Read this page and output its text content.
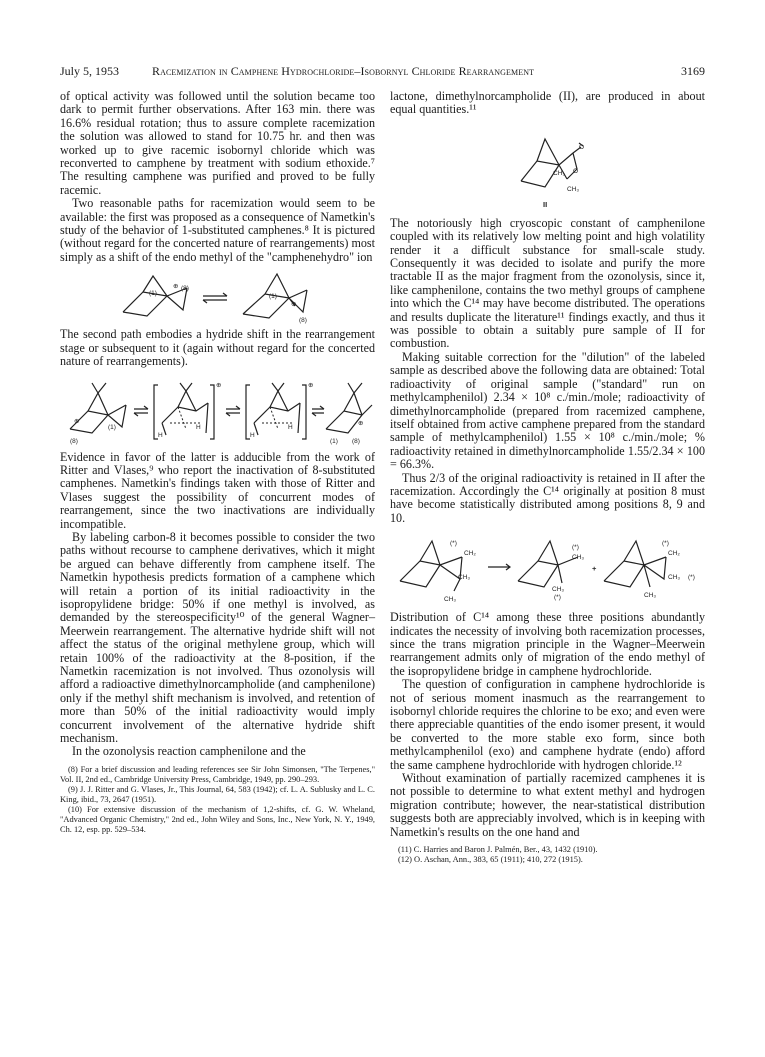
July 5, 1953	Racemization in Camphene Hydrochloride–Isobornyl Chloride Rearrangement	3169

of optical activity was followed until the solution became too dark to permit further observations. After 163 min. there was 16.6% residual rotation; thus to assure complete racemization the solution was allowed to stand for 10.75 hr. and then was worked up to give racemic isobornyl chloride which was reconverted to camphene by treatment with sodium ethoxide.⁷ The resulting camphene was purified and proved to be fully racemic.

Two reasonable paths for racemization would seem to be available: the first was proposed as a consequence of Nametkin's study of the behavior of 1-substituted camphenes.⁸ It is pictured (without regard for the concerted nature of rearrangements) most simply as a shift of the endo methyl of the "camphenehydro" ion

(1)
⊕ (8)
(1)
⊕
(8)

The second path embodies a hydride shift in the rearrangement stage or subsequent to it (again without regard for the concerted nature of rearrangements).

⊕
(1)
(8)
H
H
⊕
H
H
⊕
⊕
(1) (8)

Evidence in favor of the latter is adducible from the work of Ritter and Vlases,⁹ who report the inactivation of 8-substituted camphenes. Nametkin's findings taken with those of Ritter and Vlases suggest the possibility of concurrent modes of rearrangement, since the two inactivations are individually incompatible.

By labeling carbon-8 it becomes possible to consider the two paths without recourse to camphene derivatives, which it might be argued can behave differently from camphene itself. The Nametkin hypothesis predicts formation of a camphene which will retain a portion of its initial radioactivity in the isopropylidene bridge: 50% if one methyl is involved, as demanded by the stereospecificity¹⁰ of the general Wagner–Meerwein rearrangement. The alternative hydride shift will not affect the status of the original methylene group, which will retain 100% of the radioactivity at the 8-position, if the Nametkin racemization is not involved. Thus ozonolysis will afford a radioactive dimethylnorcampholide (and camphenilone) only if the methyl shift mechanism is involved, and retention of more than 50% of the initial radioactivity would imply concurrent involvement of the alternative hydride shift mechanism.

In the ozonolysis reaction camphenilone and the

(8) For a brief discussion and leading references see Sir John Simonsen, "The Terpenes," Vol. II, 2nd ed., Cambridge University Press, Cambridge, 1949, pp. 290–293.

(9) J. J. Ritter and G. Vlases, Jr., This Journal, 64, 583 (1942); cf. L. A. Sublusky and L. C. King, ibid., 73, 2647 (1951).

(10) For extensive discussion of the mechanism of 1,2-shifts, cf. G. W. Wheland, "Advanced Organic Chemistry," 2nd ed., John Wiley and Sons, Inc., New York, N. Y., 1949, Ch. 12, esp. pp. 529–534.

lactone, dimethylnorcampholide (II), are produced in about equal quantities.¹¹

O
O
CH₃
CH₃
II

The notoriously high cryoscopic constant of camphenilone coupled with its relatively low melting point and high volatility render it a difficult substance for small-scale study. Consequently it was decided to isolate and purify the more tractable II as the major fragment from the ozonolysis, since it, like camphenilone, contains the two methyl groups of camphene into which the C¹⁴ may have become distributed. The operations and results duplicate the literature¹¹ findings exactly, and thus it was possible to obtain a suitably pure sample of II for combustion.

Making suitable correction for the "dilution" of the labeled sample as described above the following data are obtained: Total radioactivity of original sample ("standard" run on methylcamphenilol) 2.34 × 10⁸ c./min./mole; radioactivity of dimethylnorcampholide (prepared from racemized camphene, itself obtained from active camphene prepared from the standard sample of methylcamphenilol) 1.55 × 10⁸ c./min./mole; % radioactivity retained in dimethylnorcampholide 1.55/2.34 × 100 = 66.3%.

Thus 2/3 of the original radioactivity is retained in II after the racemization. Accordingly the C¹⁴ originally at position 8 must have become statistically distributed among positions 8, 9 and 10.

(*)
CH₂
CH₃
CH₃
(*)
CH₃
CH₃
(*)
+
(*)
CH₂
CH₃ (*)
CH₃

Distribution of C¹⁴ among these three positions abundantly indicates the necessity of involving both racemization processes, since the trans migration principle in the Wagner–Meerwein rearrangement admits only of migration of the endo methyl of the isopropylidene bridge in camphene hydrochloride.

The question of configuration in camphene hydrochloride is not of serious moment inasmuch as the rearrangement to isobornyl chloride requires the chlorine to be exo; and even were there appreciable quantities of the endo isomer present, it would be converted to the more stable exo form, since both methylcamphenilol (exo) and camphene hydrate (endo) afford the same camphene hydrochloride with hydrogen chloride.¹²

Without examination of partially racemized camphenes it is not possible to determine to what extent methyl and hydrogen migration contribute; however, the near-statistical distribution suggests both are appreciably involved, which is in keeping with Nametkin's results on the one hand and

(11) C. Harries and Baron J. Palmén, Ber., 43, 1432 (1910).

(12) O. Aschan, Ann., 383, 65 (1911); 410, 272 (1915).
